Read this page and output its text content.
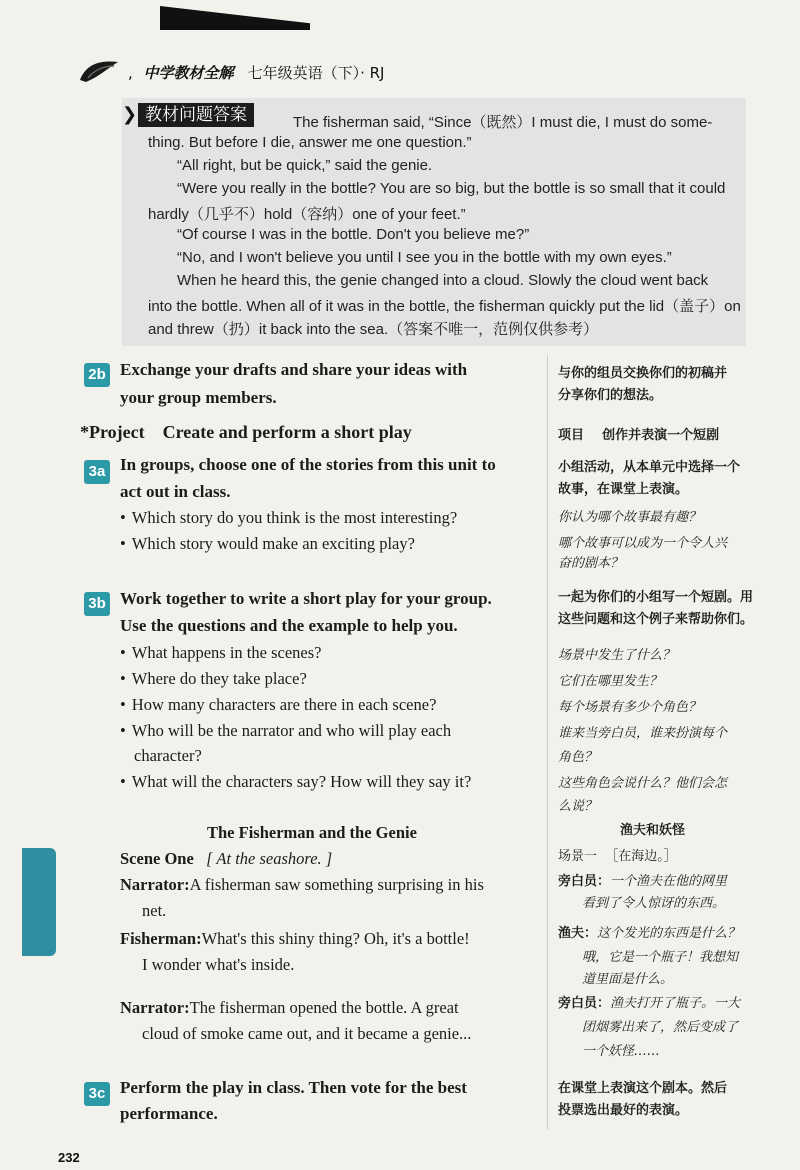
, 中学教材全解 七年级英语（下）· RJ
❯ 教材问题答案	The fisherman said, “Since（既然）I must die, I must do some-
thing. But before I die, answer me one question.”
“All right, but be quick,” said the genie.
“Were you really in the bottle? You are so big, but the bottle is so small that it could
hardly（几乎不）hold（容纳）one of your feet.”
“Of course I was in the bottle. Don't you believe me?”
“No, and I won't believe you until I see you in the bottle with my own eyes.”
When he heard this, the genie changed into a cloud. Slowly the cloud went back
into the bottle. When all of it was in the bottle, the fisherman quickly put the lid（盖子）on
and threw（扔）it back into the sea.（答案不唯一，范例仅供参考）
2b Exchange your drafts and share your ideas with
your group members.
与你的组员交换你们的初稿并
分享你们的想法。
*Project    Create and perform a short play	项目    创作并表演一个短剧
3a In groups, choose one of the stories from this unit to
act out in class.
• Which story do you think is the most interesting?
• Which story would make an exciting play?
小组活动，从本单元中选择一个
故事，在课堂上表演。
你认为哪个故事最有趣？
哪个故事可以成为一个令人兴
奋的剧本？
3b Work together to write a short play for your group.
Use the questions and the example to help you.
• What happens in the scenes?
• Where do they take place?
• How many characters are there in each scene?
• Who will be the narrator and who will play each
character?
• What will the characters say? How will they say it?
一起为你们的小组写一个短剧。用
这些问题和这个例子来帮助你们。
场景中发生了什么？
它们在哪里发生？
每个场景有多少个角色？
谁来当旁白员，谁来扮演每个
角色？
这些角色会说什么？他们会怎
么说？
The Fisherman and the Genie
Scene One [ At the seashore. ]
Narrator:A fisherman saw something surprising in his
net.
Fisherman:What's this shiny thing? Oh, it's a bottle!
I wonder what's inside.
Narrator:The fisherman opened the bottle. A great
cloud of smoke came out, and it became a genie...
渔夫和妖怪
场景一  ［在海边。］
旁白员：一个渔夫在他的网里
看到了令人惊讶的东西。
渔夫：这个发光的东西是什么？
哦，它是一个瓶子！我想知
道里面是什么。
旁白员：渔夫打开了瓶子。一大
团烟雾出来了，然后变成了
一个妖怪……
3c Perform the play in class. Then vote for the best
performance.
在课堂上表演这个剧本。然后
投票选出最好的表演。
232
